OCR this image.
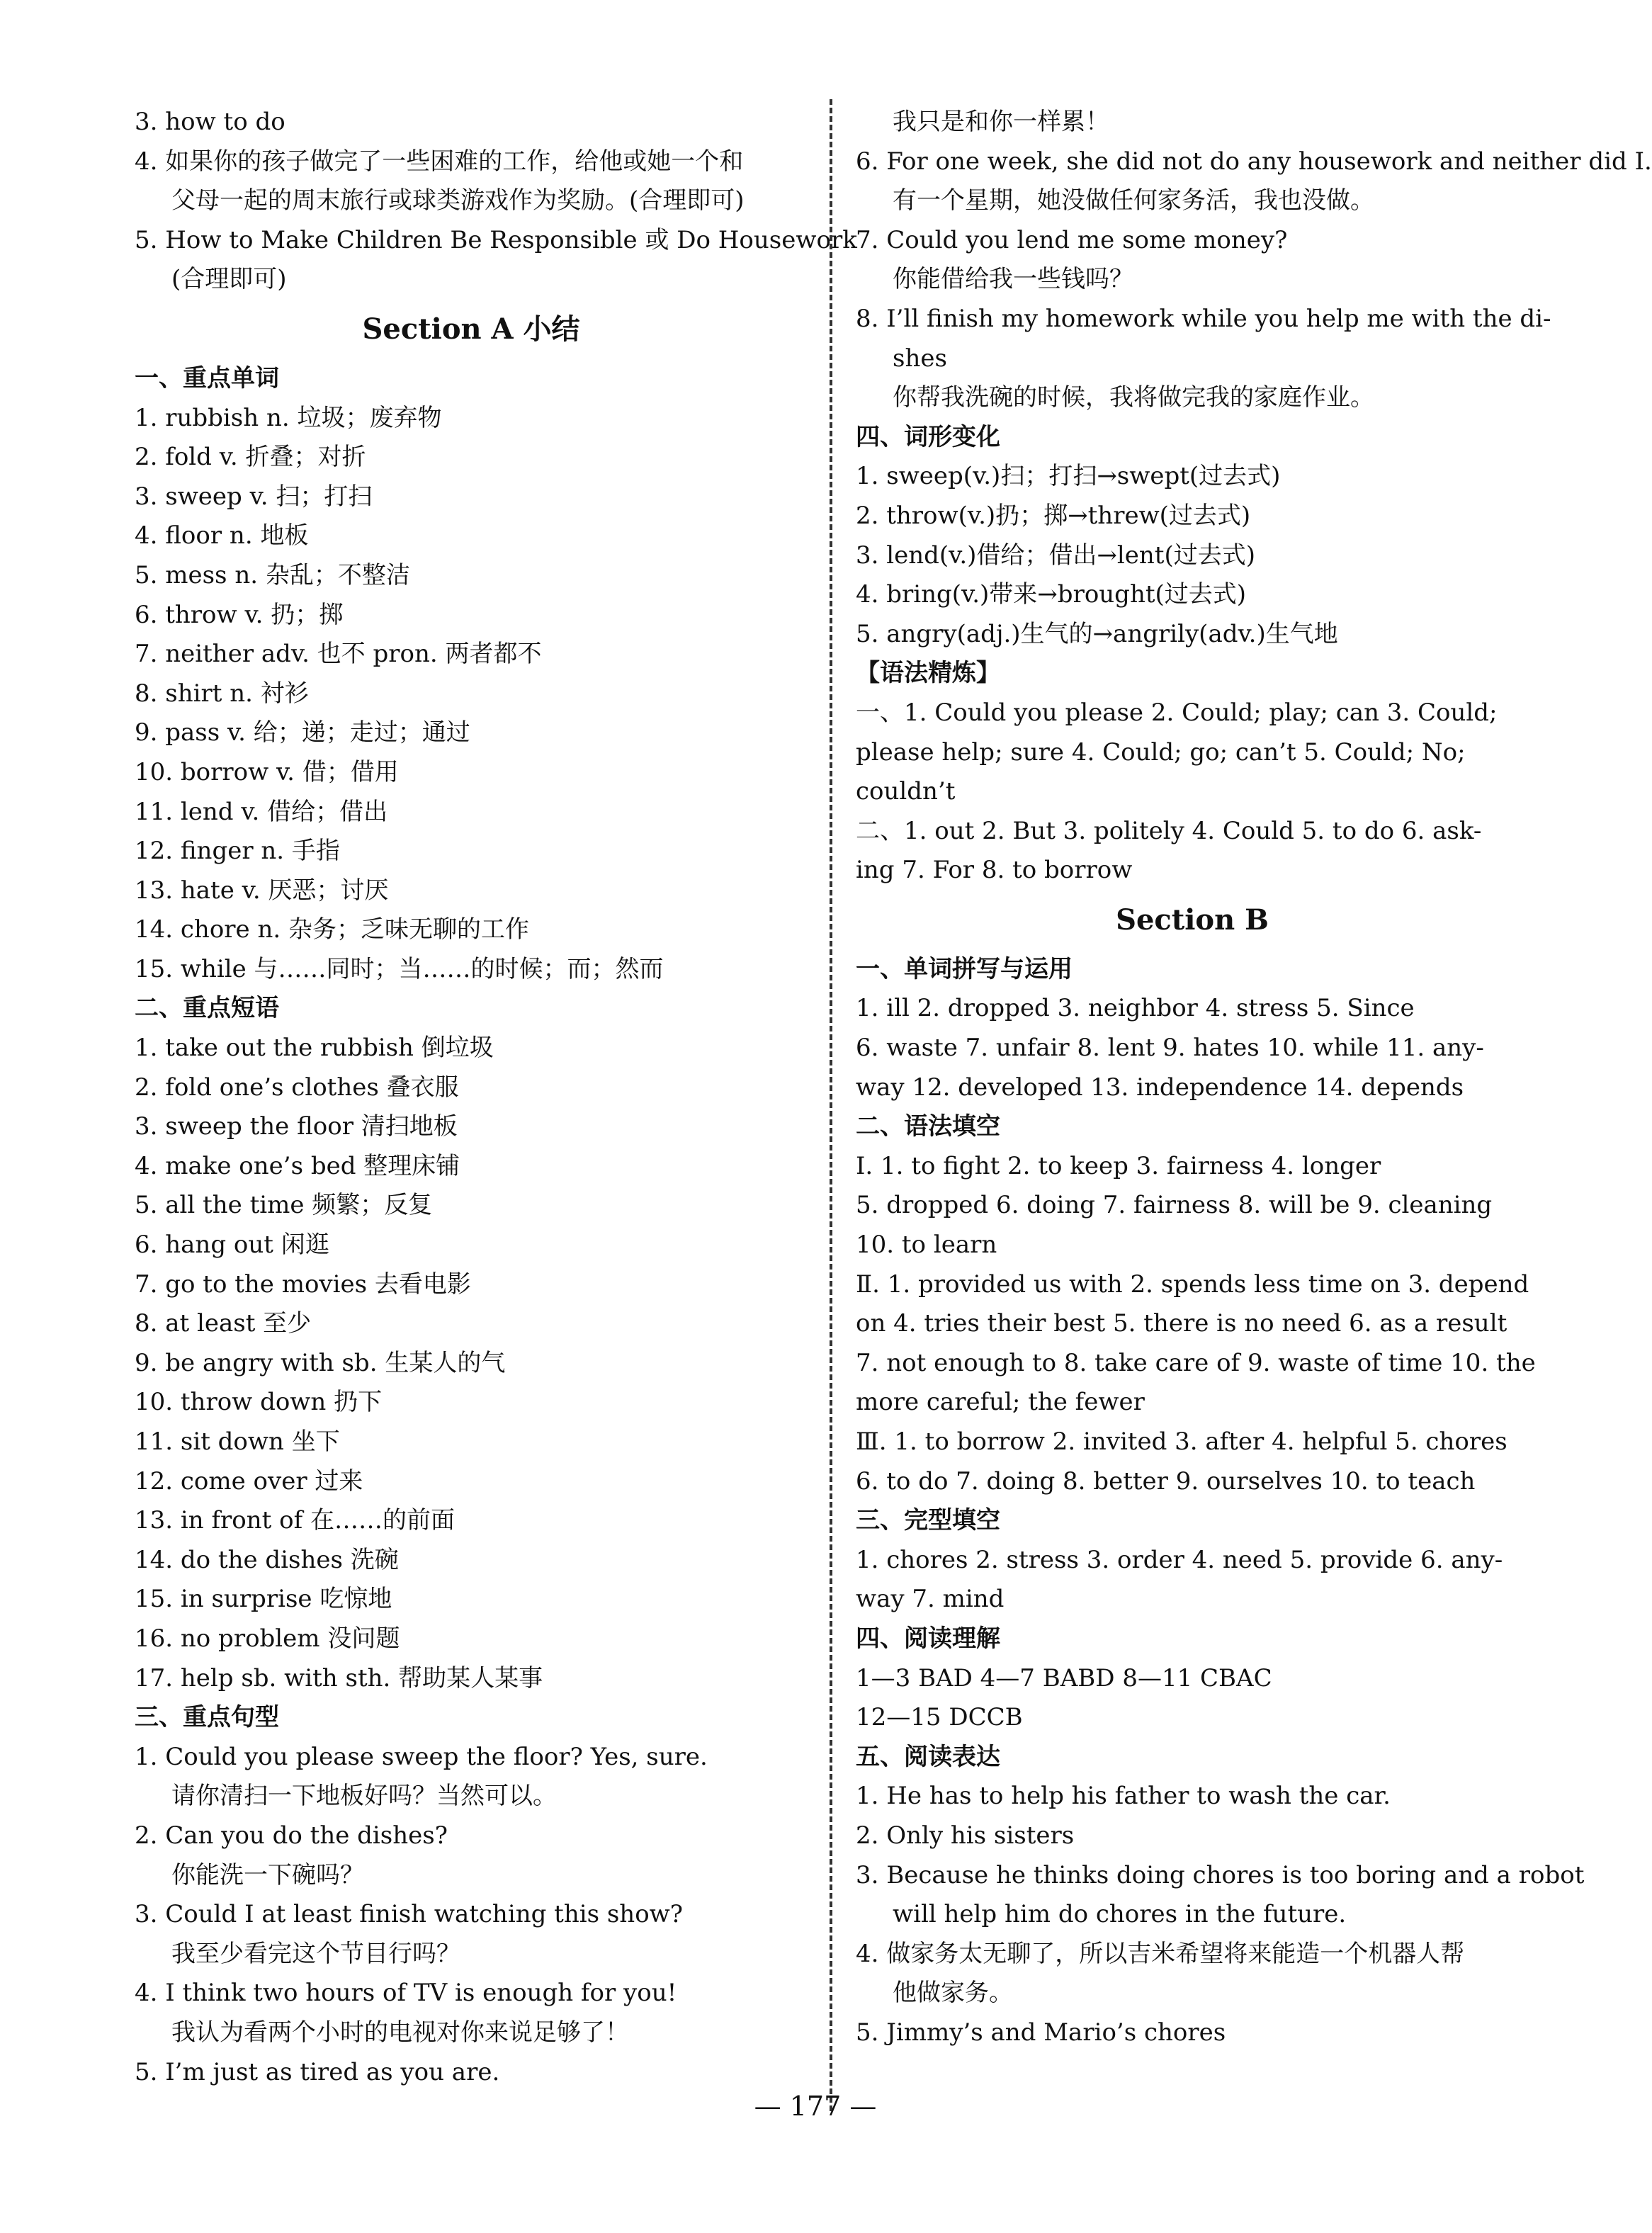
3. how to do
4. 如果你的孩子做完了一些困难的工作，给他或她一个和
父母一起的周末旅行或球类游戏作为奖励。(合理即可)
5. How to Make Children Be Responsible 或 Do Housework
(合理即可)
Section A 小结
一、重点单词
1. rubbish n. 垃圾；废弃物
2. fold v. 折叠；对折
3. sweep v. 扫；打扫
4. floor n. 地板
5. mess n. 杂乱；不整洁
6. throw v. 扔；掷
7. neither adv. 也不 pron. 两者都不
8. shirt n. 衬衫
9. pass v. 给；递；走过；通过
10. borrow v. 借；借用
11. lend v. 借给；借出
12. finger n. 手指
13. hate v. 厌恶；讨厌
14. chore n. 杂务；乏味无聊的工作
15. while 与……同时；当……的时候；而；然而
二、重点短语
1. take out the rubbish 倒垃圾
2. fold one’s clothes 叠衣服
3. sweep the floor 清扫地板
4. make one’s bed 整理床铺
5. all the time 频繁；反复
6. hang out 闲逛
7. go to the movies 去看电影
8. at least 至少
9. be angry with sb. 生某人的气
10. throw down 扔下
11. sit down 坐下
12. come over 过来
13. in front of 在……的前面
14. do the dishes 洗碗
15. in surprise 吃惊地
16. no problem 没问题
17. help sb. with sth. 帮助某人某事
三、重点句型
1. Could you please sweep the floor? Yes, sure.
请你清扫一下地板好吗？当然可以。
2. Can you do the dishes?
你能洗一下碗吗？
3. Could I at least finish watching this show?
我至少看完这个节目行吗？
4. I think two hours of TV is enough for you!
我认为看两个小时的电视对你来说足够了！
5. I’m just as tired as you are.
我只是和你一样累！
6. For one week, she did not do any housework and neither did I.
有一个星期，她没做任何家务活，我也没做。
7. Could you lend me some money?
你能借给我一些钱吗？
8. I’ll finish my homework while you help me with the di-
shes
你帮我洗碗的时候，我将做完我的家庭作业。
四、词形变化
1. sweep(v.)扫；打扫→swept(过去式)
2. throw(v.)扔；掷→threw(过去式)
3. lend(v.)借给；借出→lent(过去式)
4. bring(v.)带来→brought(过去式)
5. angry(adj.)生气的→angrily(adv.)生气地
【语法精炼】
一、1. Could you please 2. Could; play; can 3. Could;
please help; sure 4. Could; go; can’t 5. Could; No;
couldn’t
二、1. out 2. But 3. politely 4. Could 5. to do 6. ask-
ing 7. For 8. to borrow
Section B
一、单词拼写与运用
1. ill 2. dropped 3. neighbor 4. stress 5. Since
6. waste 7. unfair 8. lent 9. hates 10. while 11. any-
way 12. developed 13. independence 14. depends
二、语法填空
Ⅰ. 1. to fight 2. to keep 3. fairness 4. longer
5. dropped 6. doing 7. fairness 8. will be 9. cleaning
10. to learn
Ⅱ. 1. provided us with 2. spends less time on 3. depend
on 4. tries their best 5. there is no need 6. as a result
7. not enough to 8. take care of 9. waste of time 10. the
more careful; the fewer
Ⅲ. 1. to borrow 2. invited 3. after 4. helpful 5. chores
6. to do 7. doing 8. better 9. ourselves 10. to teach
三、完型填空
1. chores 2. stress 3. order 4. need 5. provide 6. any-
way 7. mind
四、阅读理解
1—3 BAD 4—7 BABD 8—11 CBAC
12—15 DCCB
五、阅读表达
1. He has to help his father to wash the car.
2. Only his sisters
3. Because he thinks doing chores is too boring and a robot
will help him do chores in the future.
4. 做家务太无聊了，所以吉米希望将来能造一个机器人帮
他做家务。
5. Jimmy’s and Mario’s chores
— 177 —
